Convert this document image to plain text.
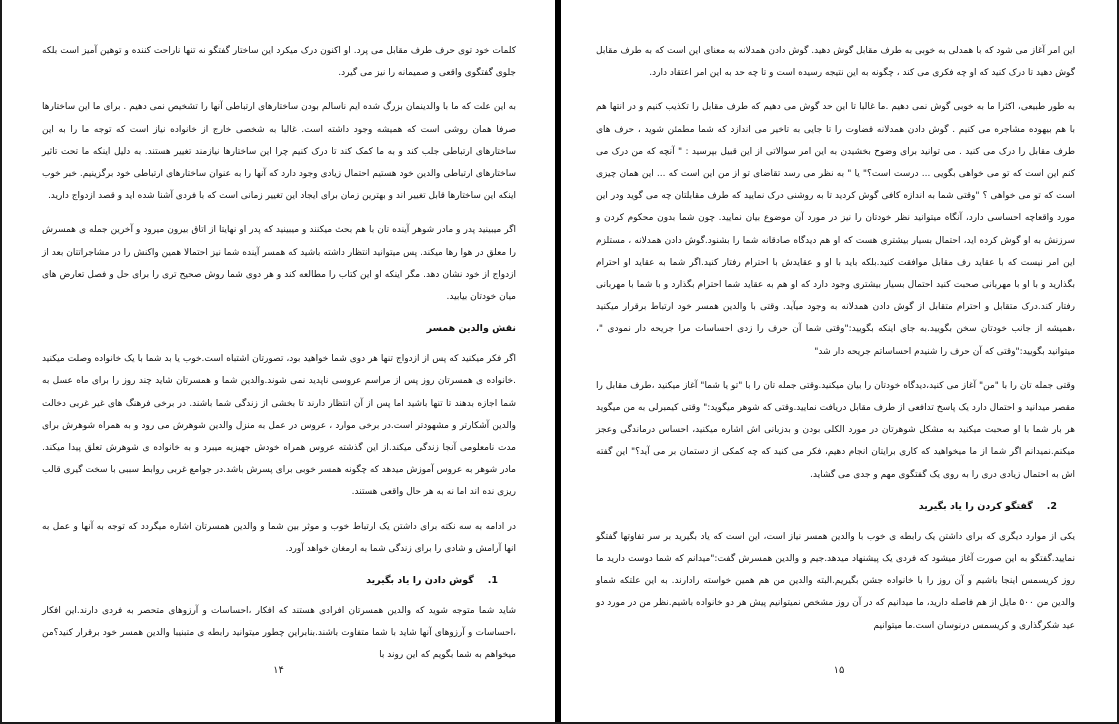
کلمات خود توی حرف طرف مقابل می پرد. او اکنون درک میکرد این ساختار گفتگو نه تنها ناراحت کننده و توهین آمیز است بلکه جلوی گفتگوی واقعی و صمیمانه را نیز می گیرد.

به این علت که ما با والدینمان بزرگ شده ایم ناسالم بودن ساختارهای ارتباطی آنها را تشخیص نمی دهیم . برای ما این ساختارها صرفا همان روشی است که همیشه وجود داشته است. غالبا به شخصی خارج از خانواده نیاز است که توجه ما را به این ساختارهای ارتباطی جلب کند و به ما کمک کند تا درک کنیم چرا این ساختارها نیازمند تغییر هستند. به دلیل اینکه ما تحت تاثیر ساختارهای ارتباطی والدین خود هستیم احتمال زیادی وجود دارد که آنها را به عنوان ساختارهای ارتباطی خود برگزینیم. خبر خوب اینکه این ساختارها قابل تغییر اند و بهترین زمان برای ایجاد این تغییر زمانی است که با فردی آشنا شده اید و قصد ازدواج دارید.

اگر میبینید پدر و مادر شوهر آینده تان با هم بحث میکنند و میبینید که پدر او نهایتا از اتاق بیرون میرود و آخرین جمله ی همسرش را معلق در هوا رها میکند. پس میتوانید انتظار داشته باشید که همسر آینده شما نیز احتمالا همین واکنش را در مشاجراتتان بعد از ازدواج از خود نشان دهد. مگر اینکه او این کتاب را مطالعه کند و هر دوی شما روش صحیح تری را برای حل و فصل تعارض های میان خودتان بیابید.

نقش والدین همسر

اگر فکر میکنید که پس از ازدواج تنها هر دوی شما خواهید بود، تصورتان اشتباه است.خوب یا بد شما با یک خانواده وصلت میکنید .خانواده ی همسرتان روز پس از مراسم عروسی ناپدید نمی شوند.والدین شما و همسرتان شاید چند روز را برای ماه عسل به شما اجازه بدهند تا تنها باشید اما پس از آن انتظار دارند تا بخشی از زندگی شما باشند. در برخی فرهنگ های غیر غربی دخالت والدین آشکارتر و مشهودتر است.در برخی موارد ، عروس در عمل به منزل والدین شوهرش می رود و به همراه شوهرش برای مدت نامعلومی آنجا زندگی میکند.از این گذشته عروس همراه خودش جهیزیه میبرد و به خانواده ی شوهرش تعلق پیدا میکند. مادر شوهر به عروس آموزش میدهد که چگونه همسر خوبی برای پسرش باشد.در جوامع غربی روابط سببی با سخت گیری قالب ریزی نده اند اما نه به هر حال واقعی هستند.

در ادامه به سه نکته برای داشتن یک ارتباط خوب و موثر بین شما و والدین همسرتان اشاره میگردد که توجه به آنها و عمل به انها آرامش و شادی را برای زندگی شما به ارمغان خواهد آورد.

1.گوش دادن را یاد بگیرید

شاید شما متوجه شوید که والدین همسرتان افرادی هستند که افکار ،احساسات و آرزوهای متحصر به فردی دارند.این افکار ،احساسات و آرزوهای آنها شاید با شما متفاوت باشند.بنابراین چطور میتوانید رابطه ی متبنیبا والدین همسر خود برقرار کنید؟من میخواهم به شما بگویم که این روند با

۱۴

این امر آغاز می شود که با همدلی به خوبی به طرف مقابل گوش دهید. گوش دادن همدلانه به معنای این است که به طرف مقابل گوش دهید تا درک کنید که او چه فکری می کند ، چگونه به این نتیجه رسیده است و تا چه حد به این امر اعتقاد دارد.

به طور طبیعی، اکثرا ما به خوبی گوش نمی دهیم .ما غالبا تا این حد گوش می دهیم که طرف مقابل را تکذیب کنیم و در انتها هم با هم بیهوده مشاجره می کنیم . گوش دادن همدلانه قضاوت را تا جایی به تاخیر می اندازد که شما مطمئن شوید ، حرف های طرف مقابل را درک می کنید . می توانید برای وضوح بخشیدن به این امر سوالاتی از این قبیل بپرسید : " آنچه که من درک می کنم این است که تو می خواهی بگویی ... درست است؟" یا " به نظر می رسد تقاضای تو از من این است که ... این همان چیزی است که تو می خواهی ؟ "وقتی شما به اندازه کافی گوش کردید تا به روشنی درک نمایید که طرف مقابلتان چه می گوید ودر این مورد واقعاچه احساسی دارد، آنگاه میتوانید نظر خودتان را نیز در مورد آن موضوع بیان نمایید. چون شما بدون محکوم کردن و سرزنش به او گوش کرده اید، احتمال بسیار بیشتری هست که او هم دیدگاه صادقانه شما را بشنود.گوش دادن همدلانه ، مستلزم این امر نیست که با عقاید رف مقابل موافقت کنید.بلکه باید با او و عقایدش با احترام رفتار کنید.اگر شما به عقاید او احترام بگذارید و با او با مهربانی صحبت کنید احتمال بسیار بیشتری وجود دارد که او هم به عقاید شما احترام بگذارد و با شما با مهربانی رفتار کند.درک متقابل و احترام متقابل از گوش دادن همدلانه به وجود میآید. وقتی با والدین همسر خود ارتباط برقرار میکنید ،همیشه از جانب خودتان سخن بگویید.به جای اینکه بگویید:"وقتی شما آن حرف را زدی احساسات مرا جریحه دار نمودی "، میتوانید بگویید:"وقتی که آن حرف را شنیدم احساساتم جریحه دار شد"

وقتی جمله تان را با "من" آغاز می کنید،دیدگاه خودتان را بیان میکنید.وقتی جمله تان را با "تو یا شما" آغاز میکنید ،طرف مقابل را مقصر میدانید و احتمال دارد یک پاسخ تدافعی از طرف مقابل دریافت نمایید.وقتی که شوهر میگوید:" وقتی کیمبرلی به من میگوید هر بار شما با او صحبت میکنید به مشکل شوهرتان در مورد الکلی بودن و بدزبانی اش اشاره میکنید، احساس درماندگی وعجز میکنم.نمیدانم اگر شما از ما میخواهید که کاری برایتان انجام دهیم، فکر می کنید که چه کمکی از دستمان بر می آید؟" این گفته اش به احتمال زیادی دری را به روی یک گفتگوی مهم و جدی می گشاید.

2.گفتگو کردن را یاد بگیرید

یکی از موارد دیگری که برای داشتن یک رابطه ی خوب با والدین همسر نیاز است، این است که یاد بگیرید بر سر تفاوتها گفتگو نمایید.گفتگو به این صورت آغاز میشود که فردی یک پیشنهاد میدهد.جیم و والدین همسرش گفت:"میدانم که شما دوست دارید ما روز کریسمس اینجا باشیم و آن روز را با خانواده جشن بگیریم.البته والدین من هم همین خواسته رادارند. به این علتکه شماو والدین من ۵۰۰ مایل از هم فاصله دارید، ما میدانیم که در آن روز مشخص نمیتوانیم پیش هر دو خانواده باشیم.نظر من در مورد دو عید شکرگذاری و کریسمس درنوسان است.ما میتوانیم

۱۵
